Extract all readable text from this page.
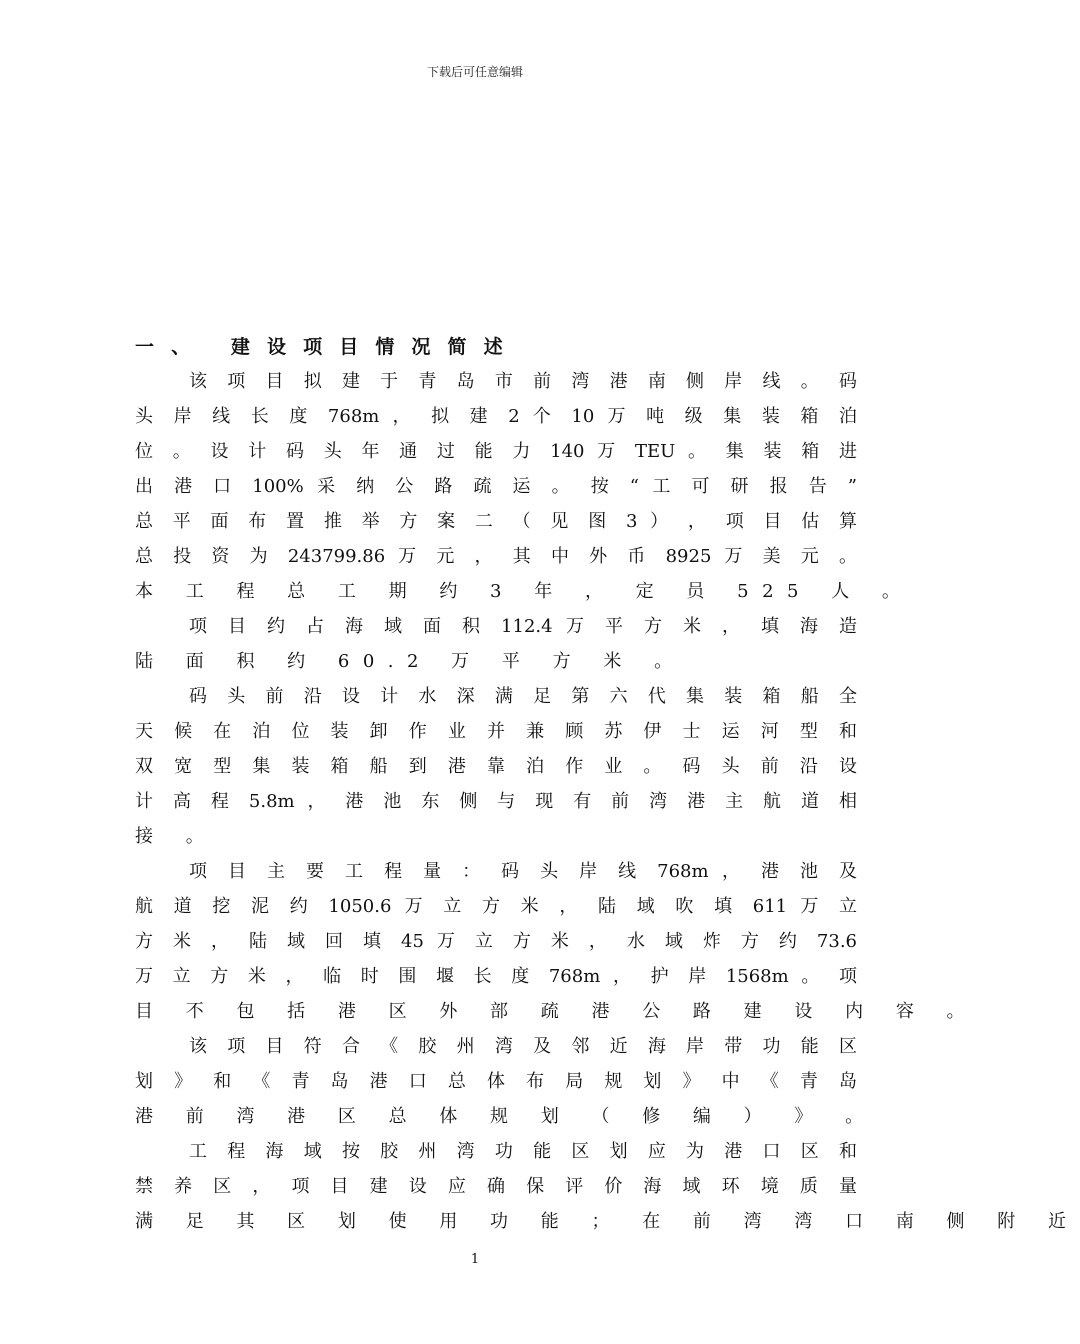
下载后可任意编辑
一、 建设项目情况简述
该 项 目 拟 建 于 青 岛 市 前 湾 港 南 侧 岸 线 。 码
头 岸 线 长 度 768m ， 拟 建 2 个 10 万 吨 级 集 装 箱 泊
位 。 设 计 码 头 年 通 过 能 力 140 万 TEU 。 集 装 箱 进
出 港 口 100% 采 纳 公 路 疏 运 。 按 “ 工 可 研 报 告 ”
总 平 面 布 置 推 举 方 案 二 （ 见 图 3 ） ， 项 目 估 算
总 投 资 为 243799.86 万 元 ， 其 中 外 币 8925 万 美 元 。
本 工 程 总 工 期 约 3 年 ， 定 员 525 人 。
项 目 约 占 海 域 面 积 112.4 万 平 方 米 ， 填 海 造
陆 面 积 约 60.2 万 平 方 米 。
码 头 前 沿 设 计 水 深 满 足 第 六 代 集 装 箱 船 全
天 候 在 泊 位 装 卸 作 业 并 兼 顾 苏 伊 士 运 河 型 和
双 宽 型 集 装 箱 船 到 港 靠 泊 作 业 。 码 头 前 沿 设
计 高 程 5.8m ， 港 池 东 侧 与 现 有 前 湾 港 主 航 道 相
接 。
项 目 主 要 工 程 量 ： 码 头 岸 线 768m ， 港 池 及
航 道 挖 泥 约 1050.6 万 立 方 米 ， 陆 域 吹 填 611 万 立
方 米 ， 陆 域 回 填 45 万 立 方 米 ， 水 域 炸 方 约 73.6
万 立 方 米 ， 临 时 围 堰 长 度 768m ， 护 岸 1568m 。 项
目 不 包 括 港 区 外 部 疏 港 公 路 建 设 内 容 。
该 项 目 符 合 《 胶 州 湾 及 邻 近 海 岸 带 功 能 区
划 》 和 《 青 岛 港 口 总 体 布 局 规 划 》 中 《 青 岛
港 前 湾 港 区 总 体 规 划 （ 修 编 ） 》 。
工 程 海 域 按 胶 州 湾 功 能 区 划 应 为 港 口 区 和
禁 养 区 ， 项 目 建 设 应 确 保 评 价 海 域 环 境 质 量
满 足 其 区 划 使 用 功 能 ； 在 前 湾 湾 口 南 侧 附 近
1
